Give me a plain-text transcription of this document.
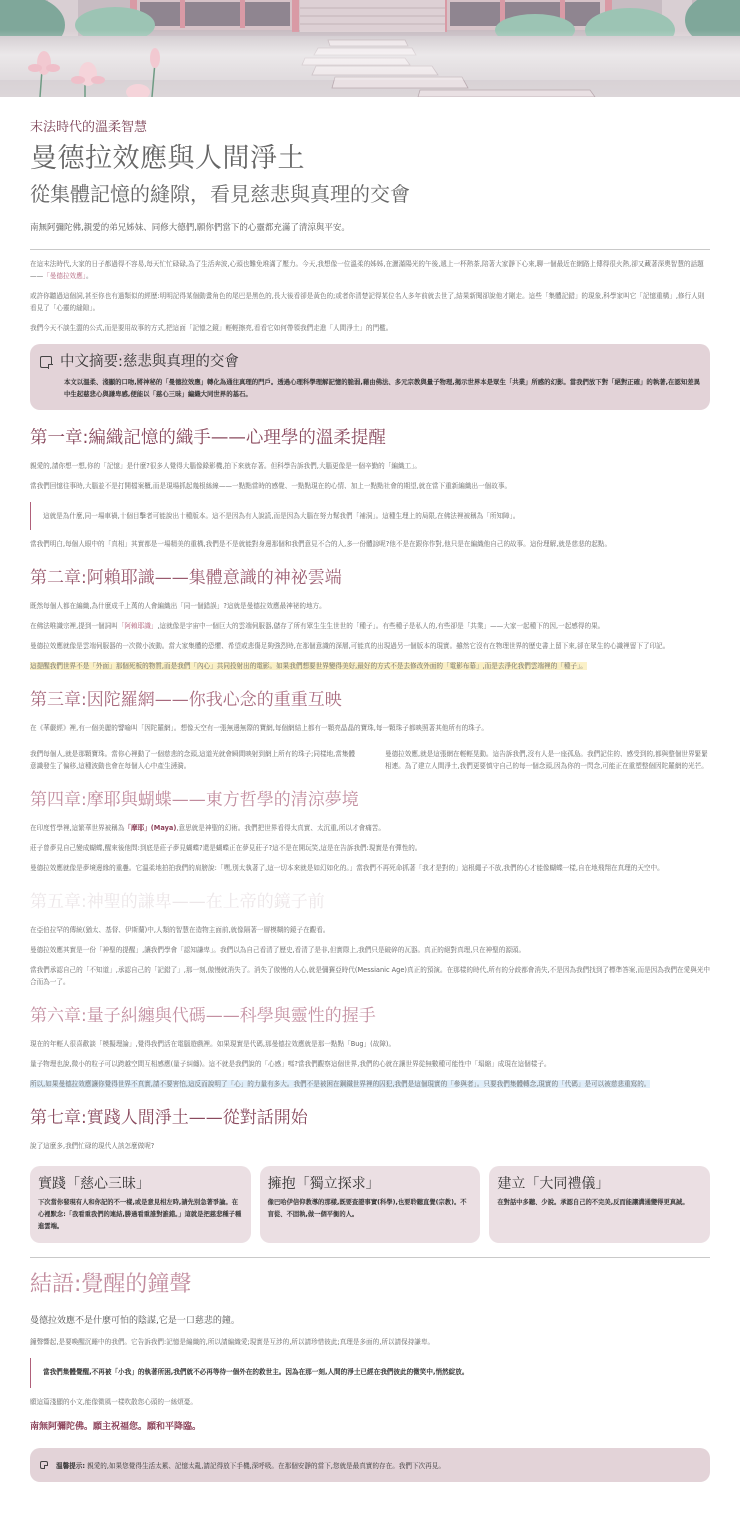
末法時代的溫柔智慧
曼德拉效應與人間淨土
從集體記憶的縫隙，看見慈悲與真理的交會
南無阿彌陀佛,親愛的弟兄姊妹、同修大德們,願你們當下的心靈都充滿了清涼與平安。

在這末法時代,大家的日子都過得不容易,每天忙忙碌碌,為了生活奔波,心頭也難免堆滿了壓力。今天,我想像一位溫柔的姊姊,在灑滿陽光的午後,遞上一杯熱茶,陪著大家靜下心來,聊一個最近在網路上傳得很火熱,卻又藏著深奧智慧的話題——「曼德拉效應」。

或許你聽過這個詞,甚至你也有過類似的經歷:明明記得某個動畫角色的尾巴是黑色的,長大後看卻是黃色的;或者你清楚記得某位名人多年前就去世了,結果新聞卻說他才剛走。這些「集體記錯」的現象,科學家叫它「記憶重構」,修行人則看見了「心靈的縫隙」。

我們今天不談生澀的公式,而是要用故事的方式,把這面「記憶之鏡」輕輕擦亮,看看它如何帶領我們走進「人間淨土」的門檻。

中文摘要:慈悲與真理的交會
本文以溫柔、淺顯的口吻,將神秘的「曼德拉效應」轉化為通往真理的門戶。透過心理科學理解記憶的脆弱,藉由佛法、多元宗教與量子物理,揭示世界本是眾生「共業」所感的幻影。當我們放下對「絕對正確」的執著,在認知差異中生起慈悲心與謙卑感,便能以「慈心三昧」編織大同世界的基石。
第一章:編織記憶的織手——心理學的溫柔提醒

親愛的,請你想一想,你的「記憶」是什麼?很多人覺得大腦像錄影機,拍下來就存著。但科學告訴我們,大腦更像是一個辛勤的「編織工」。

當我們回憶往事時,大腦並不是打開檔案櫃,而是現場抓起幾根絲線——一點點當時的感覺、一點點現在的心情、加上一點點社會的期望,就在當下重新編織出一個故事。

這就是為什麼,同一場車禍,十個目擊者可能說出十種版本。這不是因為有人說謊,而是因為大腦在努力幫我們「補洞」。這種生理上的局限,在佛法裡被稱為「所知障」。

當我們明白,每個人眼中的「真相」其實都是一場精美的重構,我們是不是就能對身邊那個和我們意見不合的人,多一份體諒呢?他不是在跟你作對,他只是在編織他自己的故事。這份理解,就是慈悲的起點。

第二章:阿賴耶識——集體意識的神祕雲端

既然每個人都在編織,為什麼成千上萬的人會編織出「同一個錯誤」?這就是曼德拉效應最神祕的地方。

在佛法唯識宗裡,提到一個詞叫「阿賴耶識」,這就像是宇宙中一個巨大的雲端伺服器,儲存了所有眾生生生世世的「種子」。有些種子是私人的,有些卻是「共業」——大家一起種下的因,一起感得的果。

曼德拉效應就像是雲端伺服器的一次微小波動。當大家集體的恐懼、希望或悲傷足夠強烈時,在那個意識的深層,可能真的出現過另一個版本的現實。雖然它沒有在物理世界的歷史書上留下來,卻在眾生的心識裡留下了印記。

這提醒我們世界不是「外面」那個死板的物質,而是我們「內心」共同投射出的電影。如果我們想要世界變得美好,最好的方式不是去修改外面的「電影布幕」,而是去淨化我們雲端裡的「種子」。

第三章:因陀羅網——你我心念的重重互映

在《華嚴經》裡,有一個美麗的譬喻叫「因陀羅網」。想像天空有一張無邊無際的寶網,每個網結上都有一顆亮晶晶的寶珠,每一顆珠子都映照著其他所有的珠子。

我們每個人,就是那顆寶珠。當你心裡動了一個慈悲的念頭,這道光就會瞬間映射到網上所有的珠子;同樣地,當集體意識發生了偏移,這種波動也會在每個人心中產生漣漪。

曼德拉效應,就是這張網在輕輕晃動。這告訴我們,沒有人是一座孤島。我們記住的、感受到的,都與整個世界緊緊相連。為了建立人間淨土,我們更要慎守自己的每一個念頭,因為你的一閃念,可能正在重塑整個因陀羅網的光芒。

第四章:摩耶與蝴蝶——東方哲學的清涼夢境

在印度哲學裡,這繁華世界被稱為「摩耶」(Maya),意思就是神聖的幻術。我們把世界看得太真實、太沉重,所以才會痛苦。

莊子曾夢見自己變成蝴蝶,醒來後他問:到底是莊子夢見蝴蝶?還是蝴蝶正在夢見莊子?這不是在開玩笑,這是在告訴我們:現實是有彈性的。

曼德拉效應就像是夢境邊緣的重疊。它溫柔地拍拍我們的肩膀說:「嘿,別太執著了,這一切本來就是如幻如化的。」當我們不再死命抓著「我才是對的」這根繩子不放,我們的心才能像蝴蝶一樣,自在地飛翔在真理的天空中。

第五章:神聖的謙卑——在上帝的鏡子前

在亞伯拉罕的傳統(猶太、基督、伊斯蘭)中,人類的智慧在造物主面前,就像隔著一層模糊的鏡子在觀看。

曼德拉效應其實是一份「神聖的提醒」,讓我們學會「認知謙卑」。我們以為自己看清了歷史,看清了是非,但實際上,我們只是破碎的瓦器。真正的絕對真理,只在神聖的源頭。

當我們承認自己的「不知道」,承認自己的「記錯了」,那一刻,傲慢就消失了。消失了傲慢的人心,就是彌賽亞時代(Messianic Age)真正的預演。在那樣的時代,所有的分歧都會消失,不是因為我們找到了標準答案,而是因為我們在愛與光中合而為一了。

第六章:量子糾纏與代碼——科學與靈性的握手

現在的年輕人很喜歡談「模擬理論」,覺得我們活在電腦遊戲裡。如果現實是代碼,那曼德拉效應就是那一點點「Bug」(故障)。

量子物理也說,微小的粒子可以跨越空間互相感應(量子糾纏)。這不就是我們說的「心感」嗎?當我們觀察這個世界,我們的心就在讓世界從無數種可能性中「塌縮」成現在這個樣子。

所以,如果曼德拉效應讓你覺得世界不真實,請不要害怕,這反而說明了「心」的力量有多大。我們不是被困在鋼鐵世界裡的囚犯,我們是這個現實的「參與者」。只要我們集體轉念,現實的「代碼」是可以被慈悲重寫的。

第七章:實踐人間淨土——從對話開始

說了這麼多,我們忙碌的現代人該怎麼做呢?

實踐「慈心三昧」
下次當你發現有人和你記的不一樣,或是意見相左時,請先別急著爭論。在心裡默念:「我看重我們的連結,勝過看重誰對誰錯。」這就是把慈悲種子種進雲端。
擁抱「獨立探求」
像巴哈伊信仰教導的那樣,既要查證事實(科學),也要聆聽直覺(宗教)。不盲從、不固執,做一個平衡的人。
建立「大同禮儀」
在對話中多聽、少說。承認自己的不完美,反而能讓溝通變得更真誠。
結語:覺醒的鐘聲

曼德拉效應不是什麼可怕的陰謀,它是一口慈悲的鐘。

鐘聲響起,是要喚醒沉睡中的我們。它告訴我們:記憶是編織的,所以請編織愛;現實是互涉的,所以請珍惜彼此;真理是多面的,所以請保持謙卑。

當我們集體覺醒,不再被「小我」的執著所困,我們就不必再等待一個外在的救世主。因為在那一刻,人間的淨土已經在我們彼此的微笑中,悄然綻放。

願這篇淺顯的小文,能像微風一樣吹散您心頭的一絲煩憂。

南無阿彌陀佛。願主祝福您。願和平降臨。

溫馨提示: 親愛的,如果您覺得生活太累、記憶太亂,請記得放下手機,深呼吸。在那個安靜的當下,您就是最真實的存在。我們下次再見。
